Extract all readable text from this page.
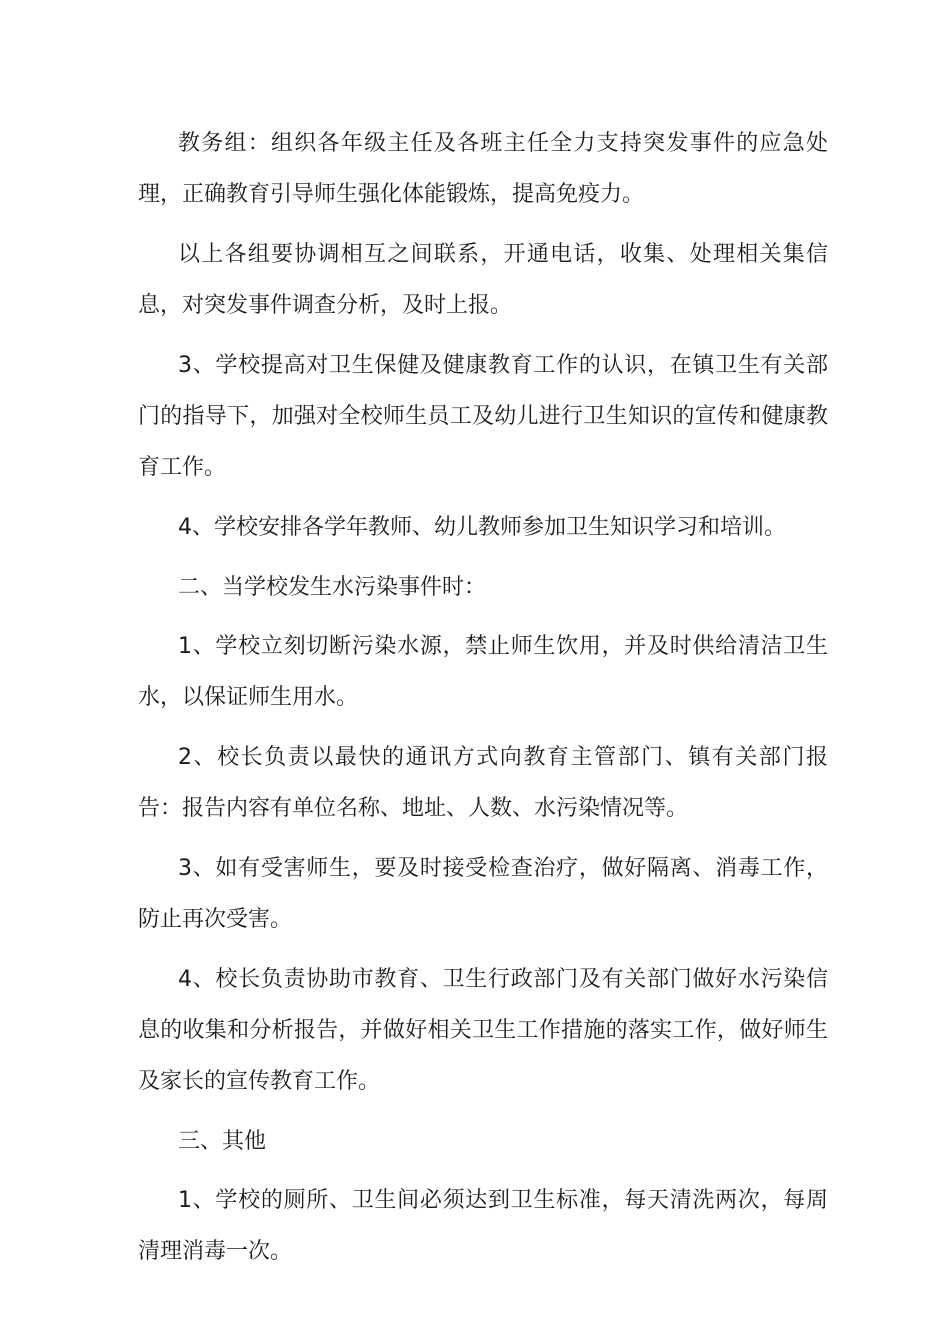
教务组：组织各年级主任及各班主任全力支持突发事件的应急处理，正确教育引导师生强化体能锻炼，提高免疫力。

以上各组要协调相互之间联系，开通电话，收集、处理相关集信息，对突发事件调查分析，及时上报。

3、学校提高对卫生保健及健康教育工作的认识，在镇卫生有关部门的指导下，加强对全校师生员工及幼儿进行卫生知识的宣传和健康教育工作。

4、学校安排各学年教师、幼儿教师参加卫生知识学习和培训。

二、当学校发生水污染事件时：

1、学校立刻切断污染水源，禁止师生饮用，并及时供给清洁卫生水，以保证师生用水。

2、校长负责以最快的通讯方式向教育主管部门、镇有关部门报告：报告内容有单位名称、地址、人数、水污染情况等。

3、如有受害师生，要及时接受检查治疗，做好隔离、消毒工作，防止再次受害。

4、校长负责协助市教育、卫生行政部门及有关部门做好水污染信息的收集和分析报告，并做好相关卫生工作措施的落实工作，做好师生及家长的宣传教育工作。

三、其他

1、学校的厕所、卫生间必须达到卫生标准，每天清洗两次，每周清理消毒一次。
